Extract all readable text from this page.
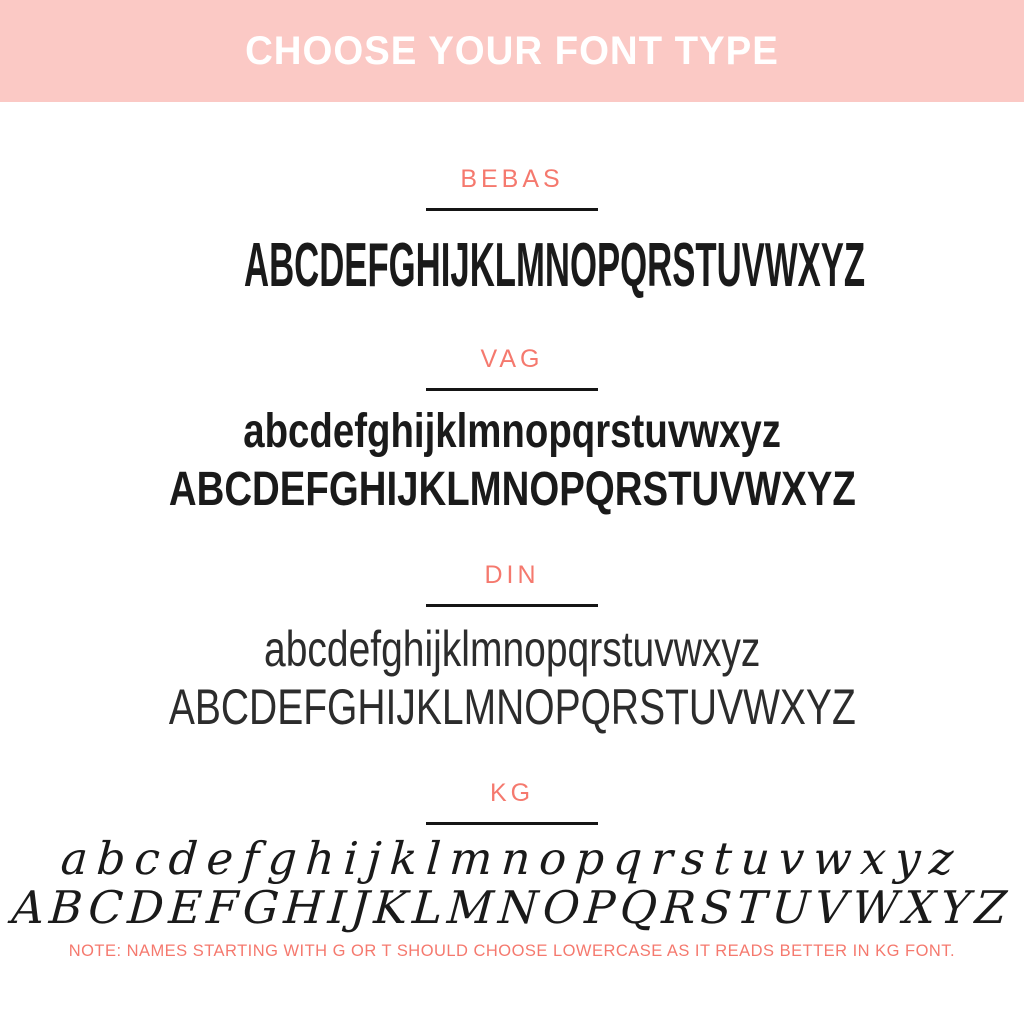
CHOOSE YOUR FONT TYPE
BEBAS
ABCDEFGHIJKLMNOPQRSTUVWXYZ
VAG
abcdefghijklmnopqrstuvwxyz
ABCDEFGHIJKLMNOPQRSTUVWXYZ
DIN
abcdefghijklmnopqrstuvwxyz
ABCDEFGHIJKLMNOPQRSTUVWXYZ
KG
abcdefghijklmnopqrstuvwxyz
ABCDEFGHIJKLMNOPQRSTUVWXYZ

NOTE: NAMES STARTING WITH G OR T SHOULD CHOOSE LOWERCASE AS IT READS BETTER IN KG FONT.
